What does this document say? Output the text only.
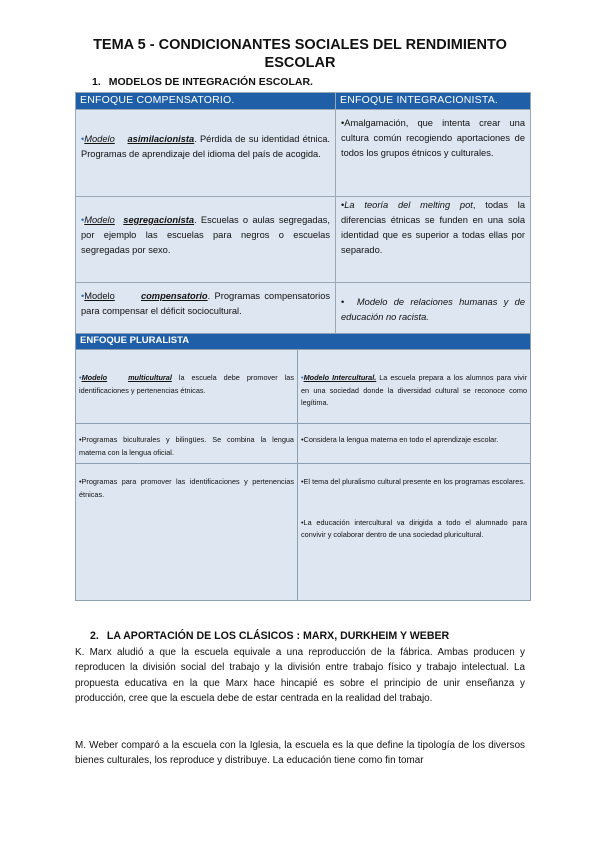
TEMA 5 - CONDICIONANTES SOCIALES DEL RENDIMIENTO
ESCOLAR
1. MODELOS DE INTEGRACIÓN ESCOLAR.
ENFOQUE COMPENSATORIO.	ENFOQUE INTEGRACIONISTA.
•Modelo asimilacionista. Pérdida de su identidad étnica. Programas de aprendizaje del idioma del país de acogida.	•Amalgamación, que intenta crear una cultura común recogiendo aportaciones de todos los grupos étnicos y culturales.
•Modelo segregacionista. Escuelas o aulas segregadas, por ejemplo las escuelas para negros o escuelas segregadas por sexo.	•La teoría del melting pot, todas la diferencias étnicas se funden en una sola identidad que es superior a todas ellas por separado.
•Modelo compensatorio. Programas compensatorios para compensar el déficit sociocultural.	• Modelo de relaciones humanas y de educación no racista.
ENFOQUE PLURALISTA	
•Modelo multicultural la escuela debe promover las identificaciones y pertenencias étnicas.	•Modelo Intercultural. La escuela prepara a los alumnos para vivir en una sociedad donde la diversidad cultural se reconoce como legítima.
•Programas biculturales y bilingües. Se combina la lengua materna con la lengua oficial.	•Considera la lengua materna en todo el aprendizaje escolar.
•Programas para promover las identificaciones y pertenencias étnicas.	•El tema del pluralismo cultural presente en los programas escolares.
•La educación intercultural va dirigida a todo el alumnado para convivir y colaborar dentro de una sociedad pluricultural.
2. LA APORTACIÓN DE LOS CLÁSICOS : MARX, DURKHEIM Y WEBER
K. Marx aludió a que la escuela equivale a una reproducción de la fábrica. Ambas producen y reproducen la división social del trabajo y la división entre trabajo físico y trabajo intelectual. La propuesta educativa en la que Marx hace hincapié es sobre el principio de unir enseñanza y producción, cree que la escuela debe de estar centrada en la realidad del trabajo.
M. Weber comparó a la escuela con la Iglesia, la escuela es la que define la tipología de los diversos bienes culturales, los reproduce y distribuye. La educación tiene como fin tomar
